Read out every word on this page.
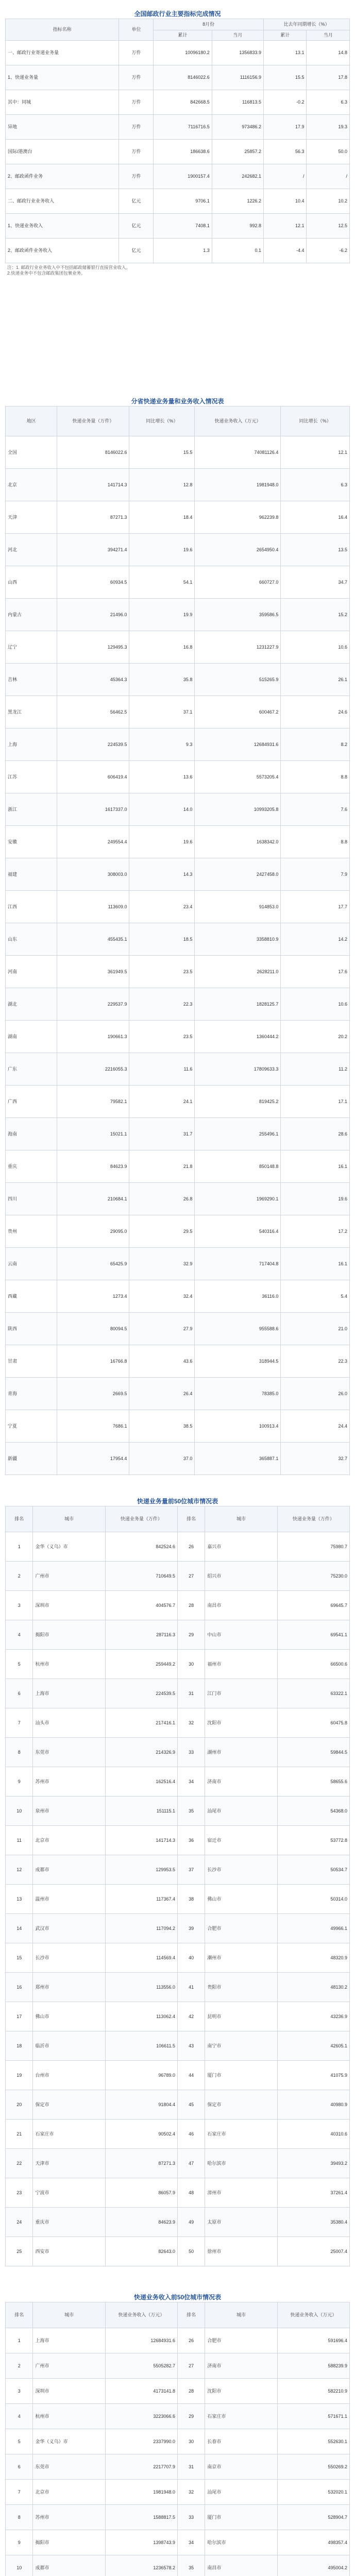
全国邮政行业主要指标完成情况
指标名称	单位	8月份		比去年同期增长（%）	
		累计	当月	累计	当月
一、邮政行业寄递业务量	万件	10096180.2	1356833.9	13.1	14.8
1、快递业务量	万件	8146022.6	1116156.9	15.5	17.8
其中：同城	万件	842668.5	116813.5	-0.2	6.3
异地	万件	7116716.5	973486.2	17.9	19.3
国际/港澳台	万件	186638.6	25857.2	56.3	50.0
2、邮政函件业务	万件	1900157.4	242682.1	/	/
二、邮政行业业务收入	亿元	9706.1	1226.2	10.4	10.2
1、快递业务收入	亿元	7408.1	992.8	12.1	12.5
2、邮政函件业务收入	亿元	1.3	0.1	-4.4	-6.2
注：1. 邮政行业业务收入中不包括邮政储蓄银行直接营业收入。
2.快递业务中不包含邮政集团包裹业务。
分省快递业务量和业务收入情况表
地区	快递业务量（万件）	同比增长（%）	快递业务收入（万元）	同比增长（%）
全国	8146022.6	15.5	74081126.4	12.1
北京	141714.3	12.8	1981948.0	6.3
天津	87271.3	18.4	962239.8	16.4
河北	394271.4	19.6	2654950.4	13.5
山西	60934.5	54.1	660727.0	34.7
内蒙古	21496.0	19.9	359586.5	15.2
辽宁	129495.3	16.8	1231227.9	10.6
吉林	45364.3	35.8	515265.9	26.1
黑龙江	56462.5	37.1	600467.2	24.6
上海	224539.5	9.3	12684931.6	8.2
江苏	606419.4	13.6	5573205.4	8.8
浙江	1617337.0	14.0	10993205.8	7.6
安徽	249554.4	19.6	1638342.0	8.8
福建	308003.0	14.3	2427458.0	7.9
江西	113609.0	23.4	914853.0	17.7
山东	455435.1	18.5	3358810.9	14.2
河南	361949.5	23.5	2628211.0	17.6
湖北	229537.9	22.3	1828125.7	10.6
湖南	190661.3	23.5	1360444.2	20.2
广东	2216055.3	11.6	17809633.3	11.2
广西	79582.1	24.1	819425.2	17.1
海南	15021.1	31.7	255496.1	28.6
重庆	84623.9	21.8	850148.8	16.1
四川	210684.1	26.8	1969290.1	19.6
贵州	29095.0	29.5	540316.4	17.2
云南	65425.9	32.9	717404.8	16.1
西藏	1273.4	32.4	36116.0	5.4
陕西	80094.5	27.9	955588.6	21.0
甘肃	16766.8	43.6	318944.5	22.3
青海	2669.5	26.4	78385.0	26.0
宁夏	7686.1	38.5	100913.4	24.4
新疆	17954.4	37.0	365887.1	32.7
快递业务量前50位城市情况表
排名	城市	快递业务量（万件）	排名	城市	快递业务量（万件）
1	金华（义乌）市	842524.6	26	嘉兴市	75980.7
2	广州市	710649.5	27	绍兴市	75230.0
3	深圳市	404576.7	28	南昌市	69645.7
4	揭阳市	287116.3	29	中山市	69541.1
5	杭州市	259449.2	30	福州市	66500.6
6	上海市	224539.5	31	江门市	63322.1
7	汕头市	217416.1	32	沈阳市	60475.8
8	东莞市	214326.9	33	湖州市	59844.5
9	苏州市	162516.4	34	济南市	58655.6
10	泉州市	151115.1	35	汕尾市	54368.0
11	北京市	141714.3	36	宿迁市	53772.8
12	成都市	129953.5	37	长沙市	50534.7
13	温州市	117367.4	38	佛山市	50314.0
14	武汉市	117094.2	39	合肥市	49966.1
15	长沙市	114569.4	40	潮州市	48320.9
16	郑州市	113556.0	41	贵阳市	48130.2
17	佛山市	113062.4	42	昆明市	43236.9
18	临沂市	106611.5	43	南宁市	42605.1
19	台州市	96789.0	44	厦门市	41075.9
20	保定市	91804.4	45	保定市	40980.9
21	石家庄市	90502.4	46	石家庄市	40310.6
22	天津市	87271.3	47	哈尔滨市	39493.2
23	宁波市	86057.9	48	漳州市	37261.4
24	重庆市	84623.9	49	太原市	35380.4
25	西安市	82643.0	50	徐州市	25007.4
快递业务收入前50位城市情况表
排名	城市	快递业务收入（万元）	排名	城市	快递业务收入（万元）
1	上海市	12684931.6	26	合肥市	591696.4
2	广州市	5505282.7	27	济南市	588239.9
3	深圳市	4173141.8	28	沈阳市	582210.9
4	杭州市	3223066.6	29	石家庄市	571671.1
5	金华（义乌）市	2337990.0	30	长春市	552630.1
6	东莞市	2217707.9	31	南京市	550269.2
7	北京市	1981948.0	32	汕尾市	532020.1
8	苏州市	1588817.5	33	厦门市	528904.7
9	揭阳市	1398743.9	34	哈尔滨市	498357.4
10	成都市	1236578.2	35	南昌市	495004.2
